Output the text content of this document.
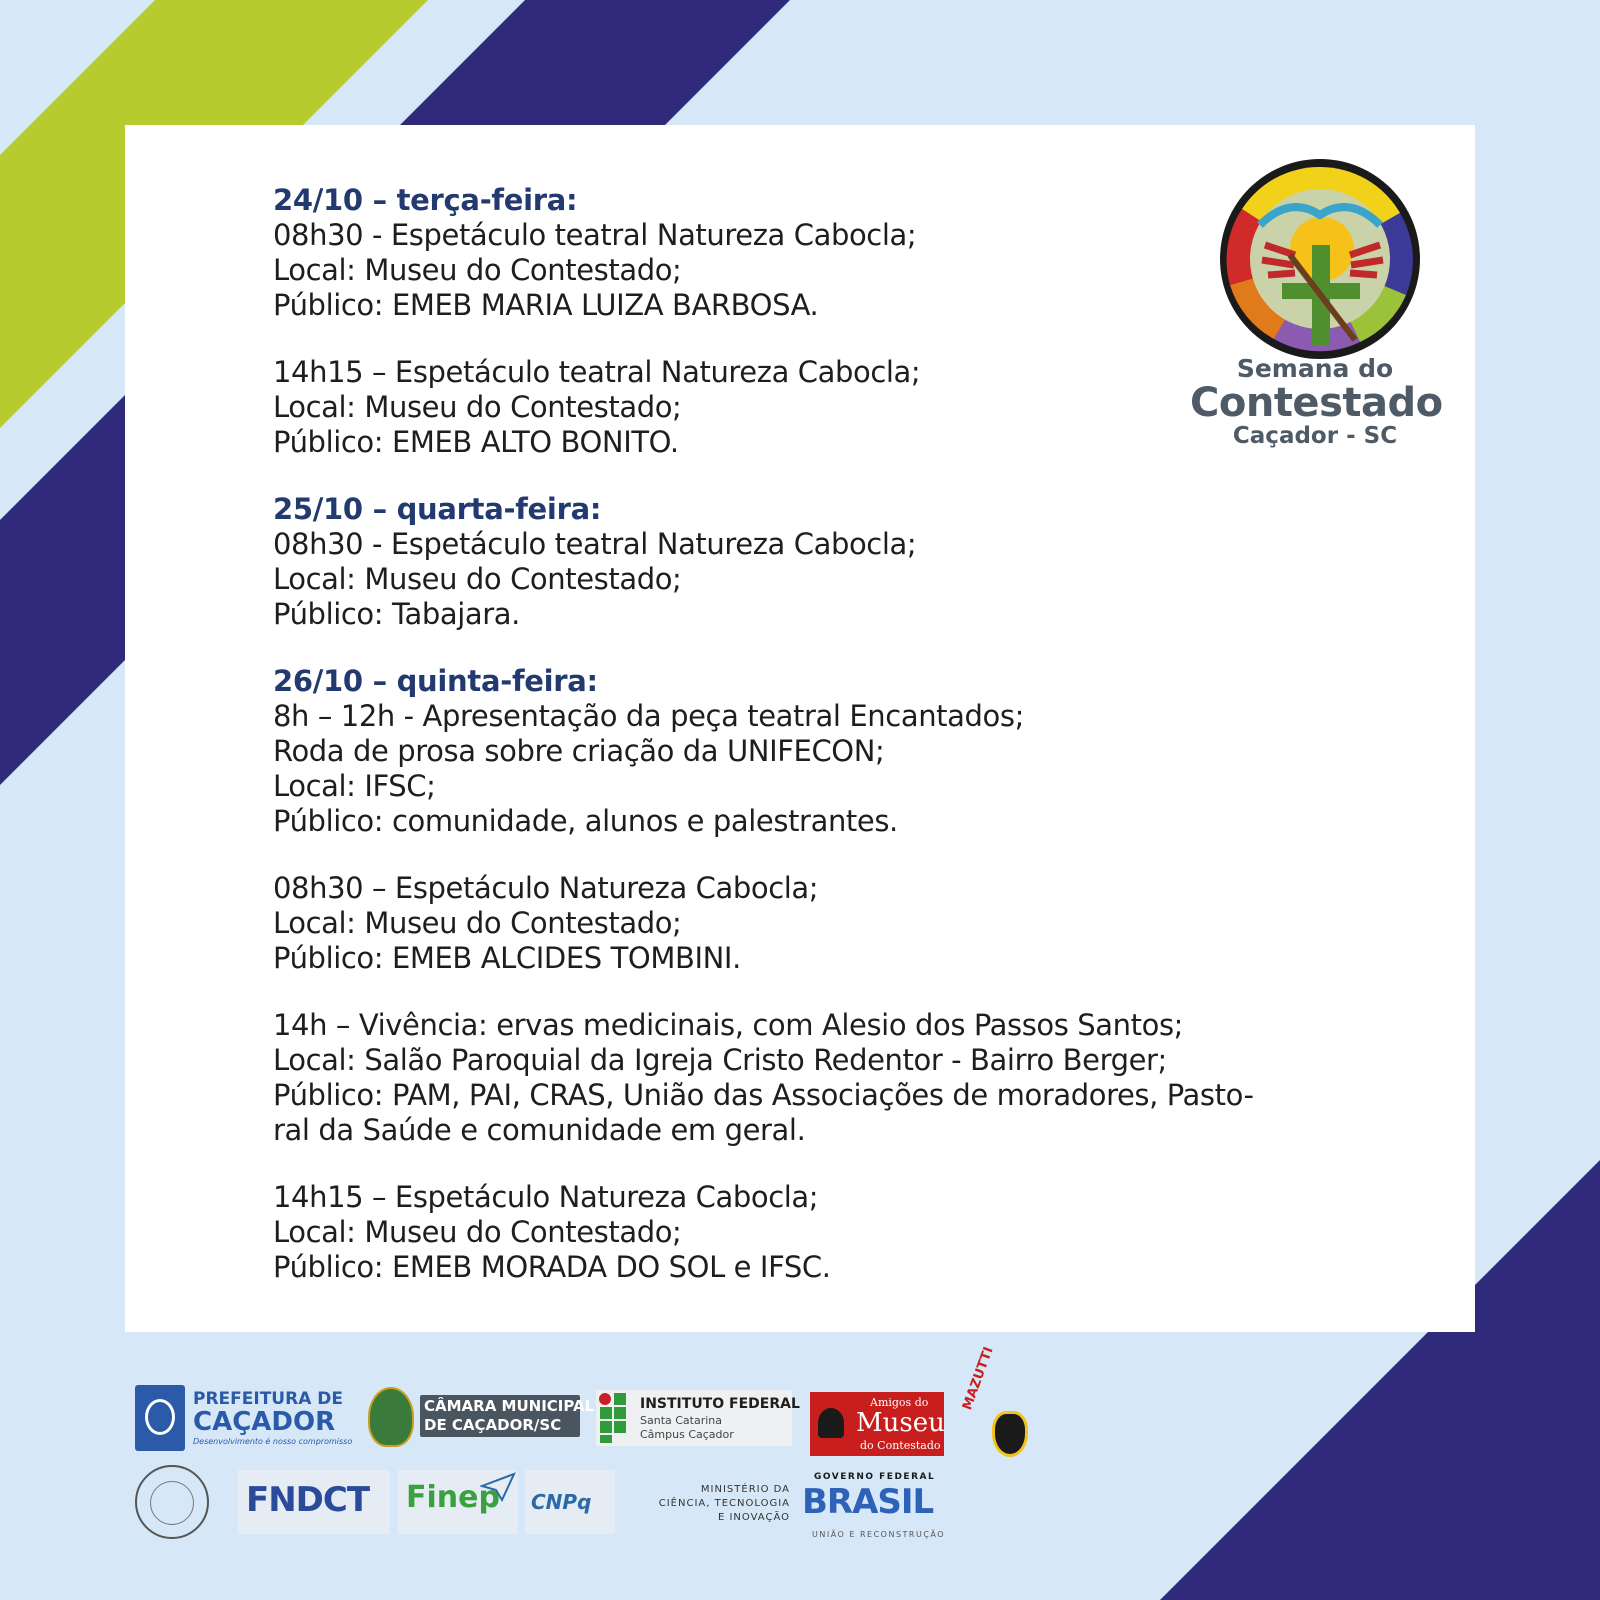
24/10 – terça-feira:
08h30 - Espetáculo teatral Natureza Cabocla;
Local: Museu do Contestado;
Público: EMEB MARIA LUIZA BARBOSA.
14h15 – Espetáculo teatral Natureza Cabocla;
Local: Museu do Contestado;
Público: EMEB ALTO BONITO.
25/10 – quarta-feira:
08h30 - Espetáculo teatral Natureza Cabocla;
Local: Museu do Contestado;
Público: Tabajara.
26/10 – quinta-feira:
8h – 12h - Apresentação da peça teatral Encantados;
Roda de prosa sobre criação da UNIFECON;
Local: IFSC;
Público: comunidade, alunos e palestrantes.
08h30 – Espetáculo Natureza Cabocla;
Local: Museu do Contestado;
Público: EMEB ALCIDES TOMBINI.
14h – Vivência: ervas medicinais, com Alesio dos Passos Santos;
Local: Salão Paroquial da Igreja Cristo Redentor - Bairro Berger;
Público: PAM, PAI, CRAS, União das Associações de moradores, Pasto-
ral da Saúde e comunidade em geral.
14h15 – Espetáculo Natureza Cabocla;
Local: Museu do Contestado;
Público: EMEB MORADA DO SOL e IFSC.
Semana do
Contestado
Caçador - SC
PREFEITURA DE
CAÇADOR
Desenvolvimento é nosso compromisso
CÂMARA MUNICIPAL
DE CAÇADOR/SC
INSTITUTO FEDERAL
Santa Catarina
Câmpus Caçador
Amigos do
Museu
do Contestado
MAZUTTI
FNDCT Finep CNPq
MINISTÉRIO DA
CIÊNCIA, TECNOLOGIA
E INOVAÇÃO
GOVERNO FEDERAL
BRASIL
UNIÃO E RECONSTRUÇÃO
